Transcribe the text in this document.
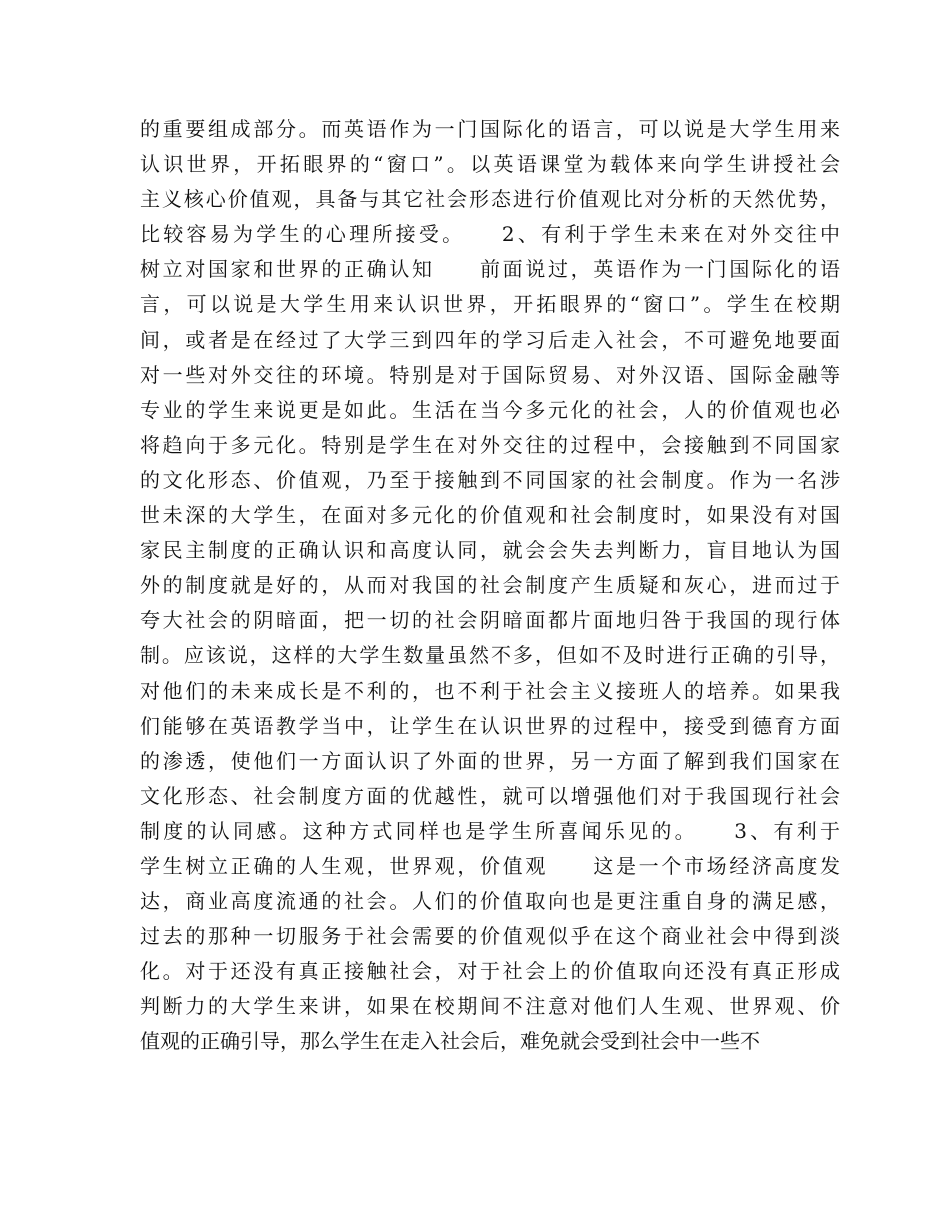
的重要组成部分。而英语作为一门国际化的语言，可以说是大学生用来
认识世界，开拓眼界的“窗口”。以英语课堂为载体来向学生讲授社会
主义核心价值观，具备与其它社会形态进行价值观比对分析的天然优势，
比较容易为学生的心理所接受。　　2、有利于学生未来在对外交往中
树立对国家和世界的正确认知　　前面说过，英语作为一门国际化的语
言，可以说是大学生用来认识世界，开拓眼界的“窗口”。学生在校期
间，或者是在经过了大学三到四年的学习后走入社会，不可避免地要面
对一些对外交往的环境。特别是对于国际贸易、对外汉语、国际金融等
专业的学生来说更是如此。生活在当今多元化的社会，人的价值观也必
将趋向于多元化。特别是学生在对外交往的过程中，会接触到不同国家
的文化形态、价值观，乃至于接触到不同国家的社会制度。作为一名涉
世未深的大学生，在面对多元化的价值观和社会制度时，如果没有对国
家民主制度的正确认识和高度认同，就会会失去判断力，盲目地认为国
外的制度就是好的，从而对我国的社会制度产生质疑和灰心，进而过于
夸大社会的阴暗面，把一切的社会阴暗面都片面地归咎于我国的现行体
制。应该说，这样的大学生数量虽然不多，但如不及时进行正确的引导，
对他们的未来成长是不利的，也不利于社会主义接班人的培养。如果我
们能够在英语教学当中，让学生在认识世界的过程中，接受到德育方面
的渗透，使他们一方面认识了外面的世界，另一方面了解到我们国家在
文化形态、社会制度方面的优越性，就可以增强他们对于我国现行社会
制度的认同感。这种方式同样也是学生所喜闻乐见的。　　3、有利于
学生树立正确的人生观，世界观，价值观　　这是一个市场经济高度发
达，商业高度流通的社会。人们的价值取向也是更注重自身的满足感，
过去的那种一切服务于社会需要的价值观似乎在这个商业社会中得到淡
化。对于还没有真正接触社会，对于社会上的价值取向还没有真正形成
判断力的大学生来讲，如果在校期间不注意对他们人生观、世界观、价
值观的正确引导，那么学生在走入社会后，难免就会受到社会中一些不
